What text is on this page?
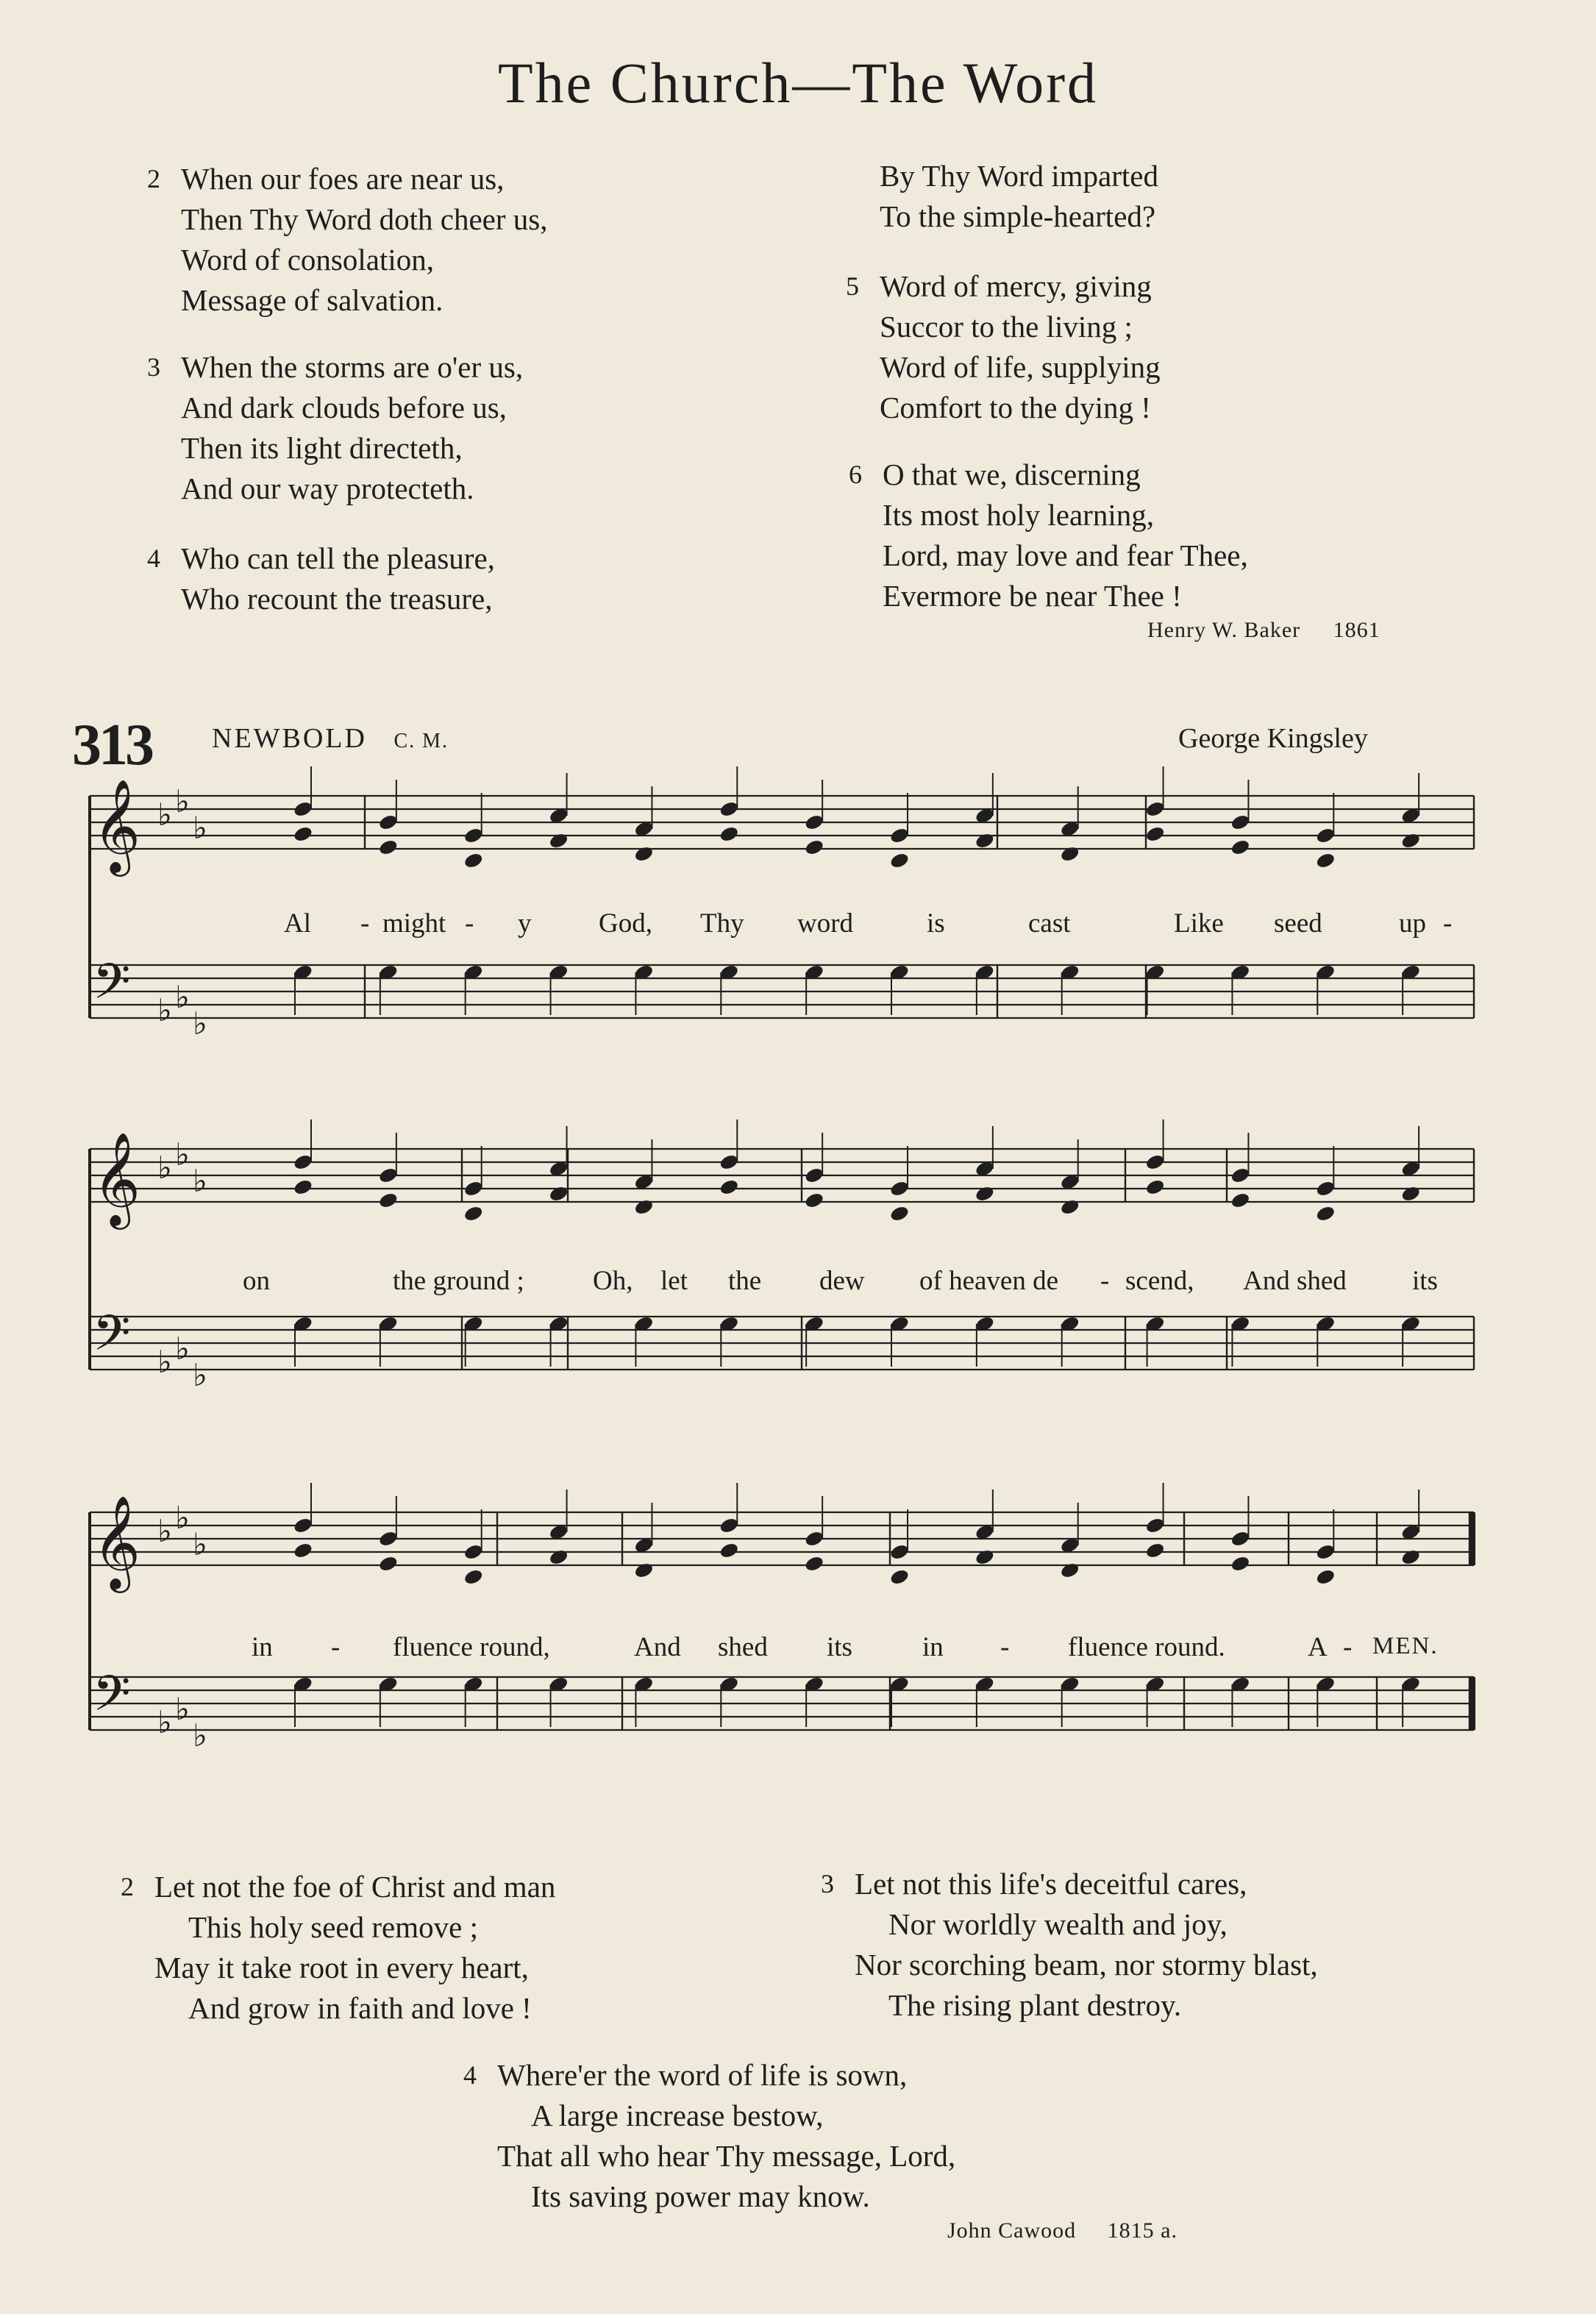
The Church—The Word
2 When our foes are near us,
Then Thy Word doth cheer us,
Word of consolation,
Message of salvation.
3 When the storms are o'er us,
And dark clouds before us,
Then its light directeth,
And our way protecteth.
4 Who can tell the pleasure,
Who recount the treasure,
By Thy Word imparted
To the simple-hearted?
5 Word of mercy, giving
Succor to the living ;
Word of life, supplying
Comfort to the dying !
6 O that we, discerning
Its most holy learning,
Lord, may love and fear Thee,
Evermore be near Thee !
Henry W. Baker 1861
313 NEWBOLD C. M.	George Kingsley
𝄞 ♭ ♭
♭
𝄢 ♭ ♭
♭
𝄞 ♭ ♭
♭
𝄢 ♭ ♭
♭
𝄞 ♭ ♭
♭
𝄢 ♭ ♭
♭
Al - might - y God, Thy word	is	cast	Like seed	up -
on	the ground ;	Oh, let the dew of heaven de - scend, And shed its
in - fluence round,	And shed its	in - fluence round.	A - MEN.
2 Let not the foe of Christ and man
This holy seed remove ;
May it take root in every heart,
And grow in faith and love !
3 Let not this life's deceitful cares,
Nor worldly wealth and joy,
Nor scorching beam, nor stormy blast,
The rising plant destroy.
4 Where'er the word of life is sown,
A large increase bestow,
That all who hear Thy message, Lord,
Its saving power may know.
John Cawood 1815 a.
